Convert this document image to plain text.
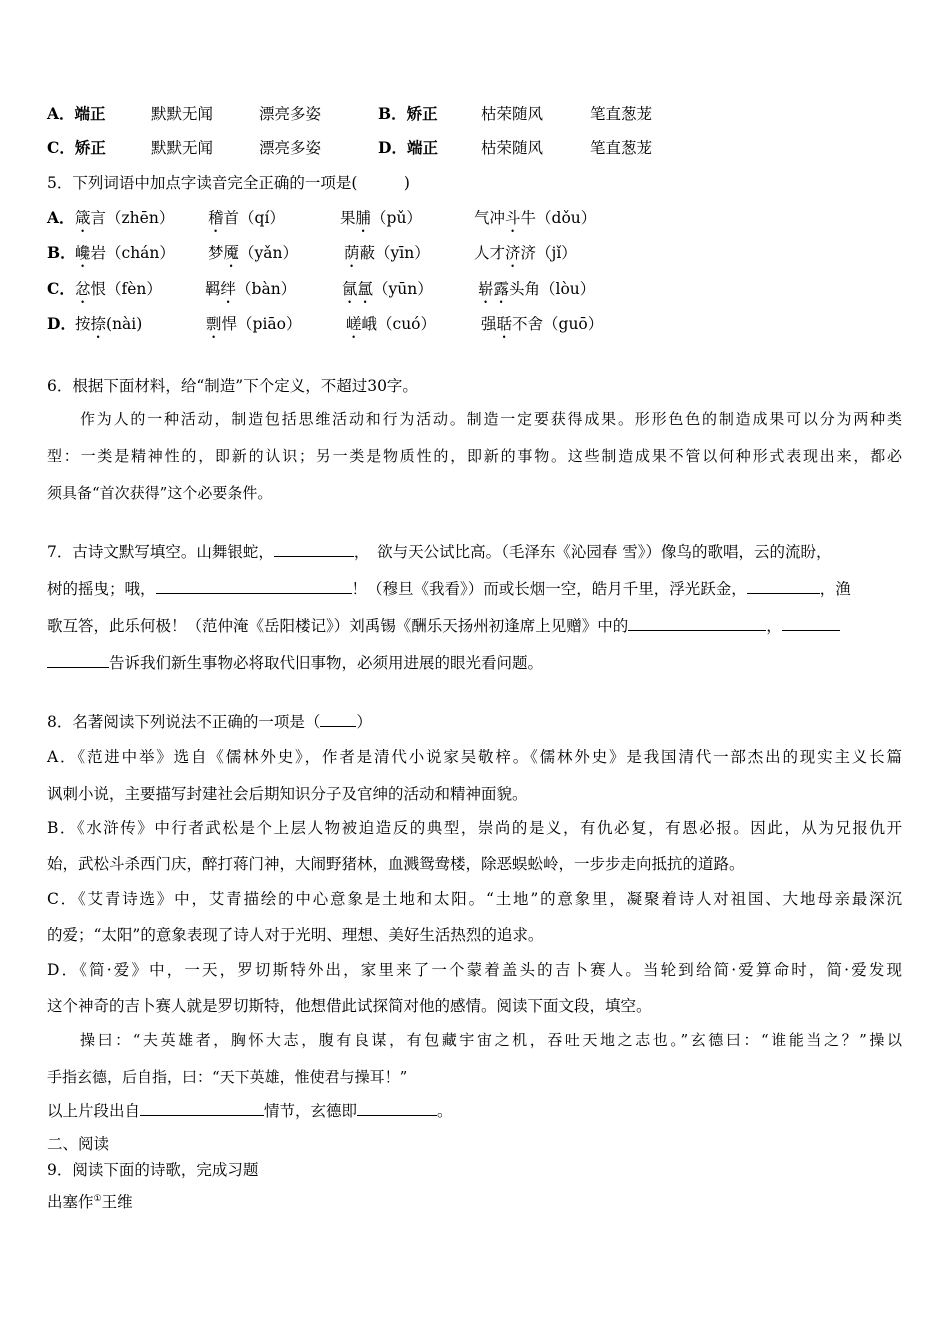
A．端正	默默无闻	漂亮多姿	B．矫正	枯荣随风	笔直葱茏
C．矫正	默默无闻	漂亮多姿	D．端正	枯荣随风	笔直葱茏
5．下列词语中加点字读音完全正确的一项是(　　　)
A． 箴言（zhēn） 稽首（qí）	果脯（pǔ）	气冲斗牛（dǒu）
B． 巉岩（chán） 梦魇（yǎn）	荫蔽（yīn）	人才济济（jǐ）
C． 忿恨（fèn）	羁绊（bàn）	氤氲（yūn）	崭露头角（lòu）
D． 按捺(nài)	剽悍（piāo）	嵯峨（cuó）	强聒不舍（guō）
6．根据下面材料，给“制造”下个定义，不超过30字。
作为人的一种活动，制造包括思维活动和行为活动。制造一定要获得成果。形形色色的制造成果可以分为两种类
型：一类是精神性的，即新的认识；另一类是物质性的，即新的事物。这些制造成果不管以何种形式表现出来，都必
须具备“首次获得”这个必要条件。
7．古诗文默写填空。山舞银蛇，	，　欲与天公试比高。（毛泽东《沁园春 雪》）像鸟的歌唱，云的流盼，
树的摇曳；哦，	！（穆旦《我看》）而或长烟一空，皓月千里，浮光跃金，	，渔
歌互答，此乐何极！（范仲淹《岳阳楼记》）刘禹锡《酬乐天扬州初逢席上见赠》中的	，
告诉我们新生事物必将取代旧事物，必须用进展的眼光看问题。
8．名著阅读下列说法不正确的一项是（ ）
A．《范进中举》选自《儒林外史》，作者是清代小说家吴敬梓。《儒林外史》是我国清代一部杰出的现实主义长篇
讽刺小说，主要描写封建社会后期知识分子及官绅的活动和精神面貌。
B．《水浒传》中行者武松是个上层人物被迫造反的典型，崇尚的是义，有仇必复，有恩必报。因此，从为兄报仇开
始，武松斗杀西门庆，醉打蒋门神，大闹野猪林，血溅鸳鸯楼，除恶蜈蚣岭，一步步走向抵抗的道路。
C．《艾青诗选》中，艾青描绘的中心意象是土地和太阳。“土地”的意象里，凝聚着诗人对祖国、大地母亲最深沉
的爱；“太阳”的意象表现了诗人对于光明、理想、美好生活热烈的追求。
D．《简·爱》中，一天，罗切斯特外出，家里来了一个蒙着盖头的吉卜赛人。当轮到给简·爱算命时，简·爱发现
这个神奇的吉卜赛人就是罗切斯特，他想借此试探简对他的感情。阅读下面文段，填空。
操曰：“夫英雄者，胸怀大志，腹有良谋，有包藏宇宙之机，吞吐天地之志也。”玄德曰：“谁能当之？”操以
手指玄德，后自指，曰：“天下英雄，惟使君与操耳！”
以上片段出自	情节，玄德即	。
二、阅读
9．阅读下面的诗歌，完成习题
出塞作①王维
